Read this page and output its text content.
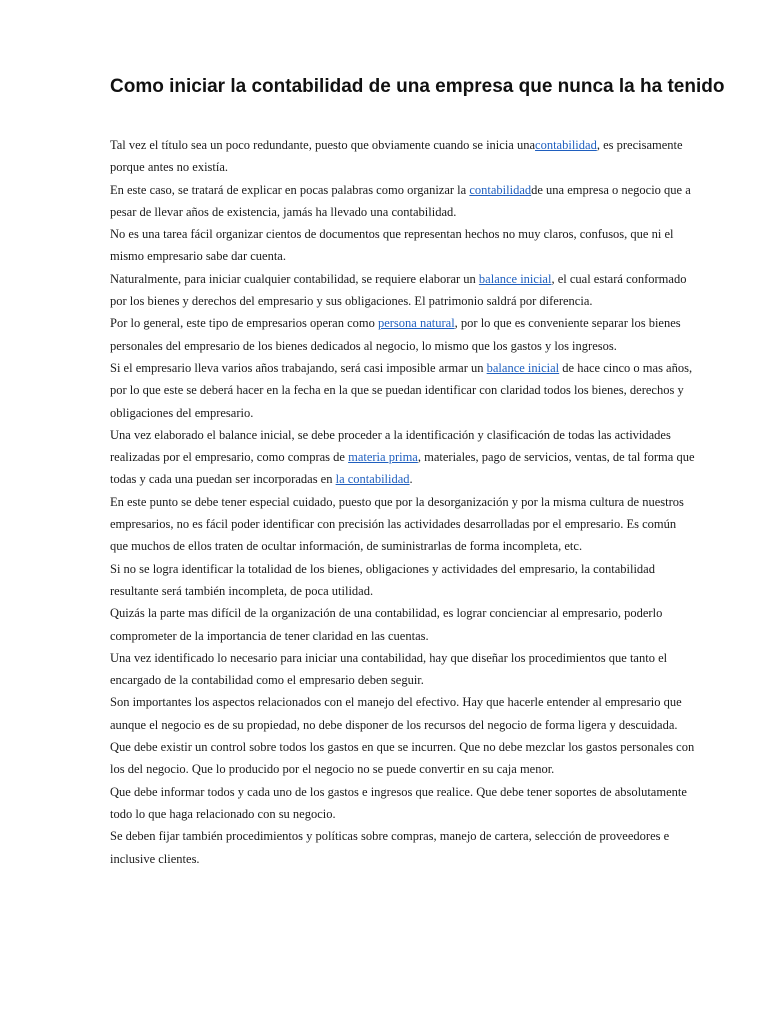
Como iniciar la contabilidad de una empresa que nunca la ha tenido

Tal vez el título sea un poco redundante, puesto que obviamente cuando se inicia unacontabilidad, es precisamente porque antes no existía.

En este caso, se tratará de explicar en pocas palabras como organizar la contabilidadde una empresa o negocio que a pesar de llevar años de existencia, jamás ha llevado una contabilidad.

No es una tarea fácil organizar cientos de documentos que representan hechos no muy claros, confusos, que ni el mismo empresario sabe dar cuenta.

Naturalmente, para iniciar cualquier contabilidad, se requiere elaborar un balance inicial, el cual estará conformado por los bienes y derechos del empresario y sus obligaciones. El patrimonio saldrá por diferencia.

Por lo general, este tipo de empresarios operan como persona natural, por lo que es conveniente separar los bienes personales del empresario de los bienes dedicados al negocio, lo mismo que los gastos y los ingresos.

Si el empresario lleva varios años trabajando, será casi imposible armar un balance inicial de hace cinco o mas años, por lo que este se deberá hacer en la fecha en la que se puedan identificar con claridad todos los bienes, derechos y obligaciones del empresario.

Una vez elaborado el balance inicial, se debe proceder a la identificación y clasificación de todas las actividades realizadas por el empresario, como compras de materia prima, materiales, pago de servicios, ventas, de tal forma que todas y cada una puedan ser incorporadas en la contabilidad.

En este punto se debe tener especial cuidado, puesto que por la desorganización y por la misma cultura de nuestros empresarios, no es fácil poder identificar con precisión las actividades desarrolladas por el empresario. Es común que muchos de ellos traten de ocultar información, de suministrarlas de forma incompleta, etc.

Si no se logra identificar la totalidad de los bienes, obligaciones y actividades del empresario, la contabilidad resultante será también incompleta, de poca utilidad.

Quizás la parte mas difícil de la organización de una contabilidad, es lograr concienciar al empresario, poderlo comprometer de la importancia de tener claridad en las cuentas.

Una vez identificado lo necesario para iniciar una contabilidad, hay que diseñar los procedimientos que tanto el encargado de la contabilidad como el empresario deben seguir.

Son importantes los aspectos relacionados con el manejo del efectivo. Hay que hacerle entender al empresario que aunque el negocio es de su propiedad, no debe disponer de los recursos del negocio de forma ligera y descuidada.

Que debe existir un control sobre todos los gastos en que se incurren. Que no debe mezclar los gastos personales con los del negocio. Que lo producido por el negocio no se puede convertir en su caja menor.

Que debe informar todos y cada uno de los gastos e ingresos que realice. Que debe tener soportes de absolutamente todo lo que haga relacionado con su negocio.

Se deben fijar también procedimientos y políticas sobre compras, manejo de cartera, selección de proveedores e inclusive clientes.
